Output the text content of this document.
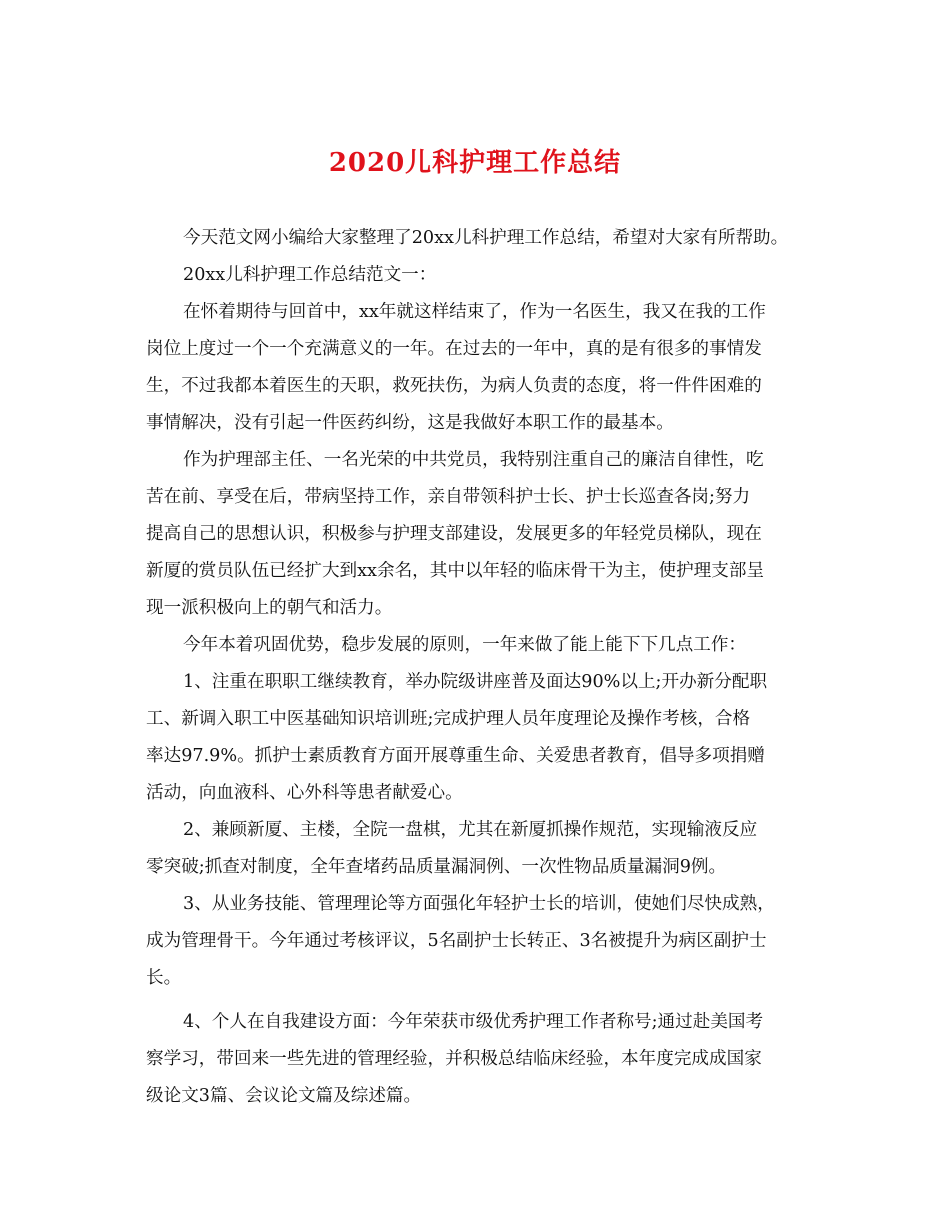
2020儿科护理工作总结
今天范文网小编给大家整理了20xx儿科护理工作总结，希望对大家有所帮助。
20xx儿科护理工作总结范文一：
在怀着期待与回首中，xx年就这样结束了，作为一名医生，我又在我的工作
岗位上度过一个一个充满意义的一年。在过去的一年中，真的是有很多的事情发
生，不过我都本着医生的天职，救死扶伤，为病人负责的态度，将一件件困难的
事情解决，没有引起一件医药纠纷，这是我做好本职工作的最基本。
作为护理部主任、一名光荣的中共党员，我特别注重自己的廉洁自律性，吃
苦在前、享受在后，带病坚持工作，亲自带领科护士长、护士长巡查各岗;努力
提高自己的思想认识，积极参与护理支部建设，发展更多的年轻党员梯队，现在
新厦的赏员队伍已经扩大到xx余名，其中以年轻的临床骨干为主，使护理支部呈
现一派积极向上的朝气和活力。
今年本着巩固优势，稳步发展的原则，一年来做了能上能下下几点工作：
1、注重在职职工继续教育，举办院级讲座普及面达90%以上;开办新分配职
工、新调入职工中医基础知识培训班;完成护理人员年度理论及操作考核，合格
率达97.9%。抓护士素质教育方面开展尊重生命、关爱患者教育，倡导多项捐赠
活动，向血液科、心外科等患者献爱心。
2、兼顾新厦、主楼，全院一盘棋，尤其在新厦抓操作规范，实现输液反应
零突破;抓查对制度，全年查堵药品质量漏洞例、一次性物品质量漏洞9例。
3、从业务技能、管理理论等方面强化年轻护士长的培训，使她们尽快成熟，
成为管理骨干。今年通过考核评议，5名副护士长转正、3名被提升为病区副护士
长。
4、个人在自我建设方面：今年荣获市级优秀护理工作者称号;通过赴美国考
察学习，带回来一些先进的管理经验，并积极总结临床经验，本年度完成成国家
级论文3篇、会议论文篇及综述篇。
